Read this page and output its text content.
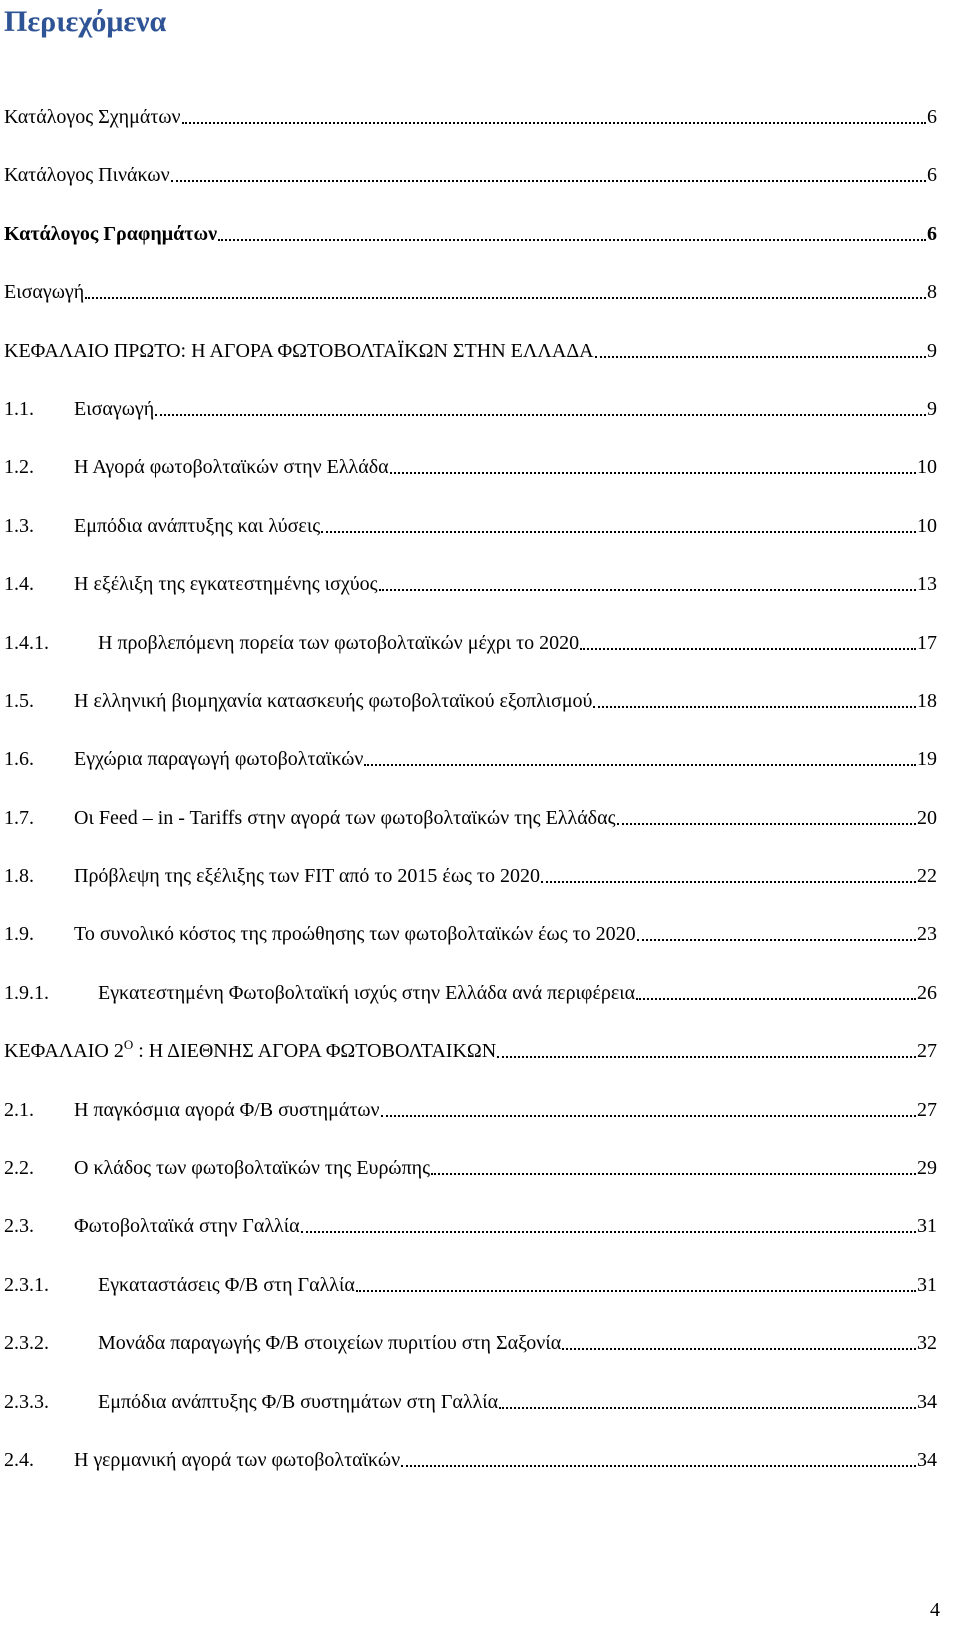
Περιεχόμενα
Κατάλογος Σχημάτων	6
Κατάλογος Πινάκων	6
Κατάλογος Γραφημάτων	6
Εισαγωγή	8
ΚΕΦΑΛΑΙΟ ΠΡΩΤΟ: Η ΑΓΟΡΑ ΦΩΤΟΒΟΛΤΑΪΚΩΝ ΣΤΗΝ ΕΛΛΑΔΑ	9
1.1.	Εισαγωγή	9
1.2.	Η Αγορά φωτοβολταϊκών στην Ελλάδα	10
1.3.	Εμπόδια ανάπτυξης και λύσεις	10
1.4.	Η εξέλιξη της εγκατεστημένης ισχύος	13
1.4.1.	Η προβλεπόμενη πορεία των φωτοβολταϊκών μέχρι το 2020	17
1.5.	Η ελληνική βιομηχανία κατασκευής φωτοβολταϊκού εξοπλισμού	18
1.6.	Εγχώρια παραγωγή φωτοβολταϊκών	19
1.7.	Οι Feed – in - Tariffs στην αγορά των φωτοβολταϊκών της Ελλάδας	20
1.8.	Πρόβλεψη της εξέλιξης των FIT από το 2015 έως το 2020	22
1.9.	Το συνολικό κόστος της προώθησης των φωτοβολταϊκών έως το 2020	23
1.9.1.	Εγκατεστημένη Φωτοβολταϊκή ισχύς στην Ελλάδα ανά περιφέρεια	26
ΚΕΦΑΛΑΙΟ $2^O$ : Η ΔΙΕΘΝΗΣ ΑΓΟΡΑ ΦΩΤΟΒΟΛΤΑΙΚΩΝ	27
2.1.	Η παγκόσμια αγορά Φ/Β συστημάτων	27
2.2.	Ο κλάδος των φωτοβολταϊκών της Ευρώπης	29
2.3.	Φωτοβολταϊκά στην Γαλλία	31
2.3.1.	Εγκαταστάσεις Φ/Β στη Γαλλία	31
2.3.2.	Μονάδα παραγωγής Φ/Β στοιχείων πυριτίου στη Σαξονία	32
2.3.3.	Εμπόδια ανάπτυξης Φ/Β συστημάτων στη Γαλλία	34
2.4.	Η γερμανική αγορά των φωτοβολταϊκών	34
4
